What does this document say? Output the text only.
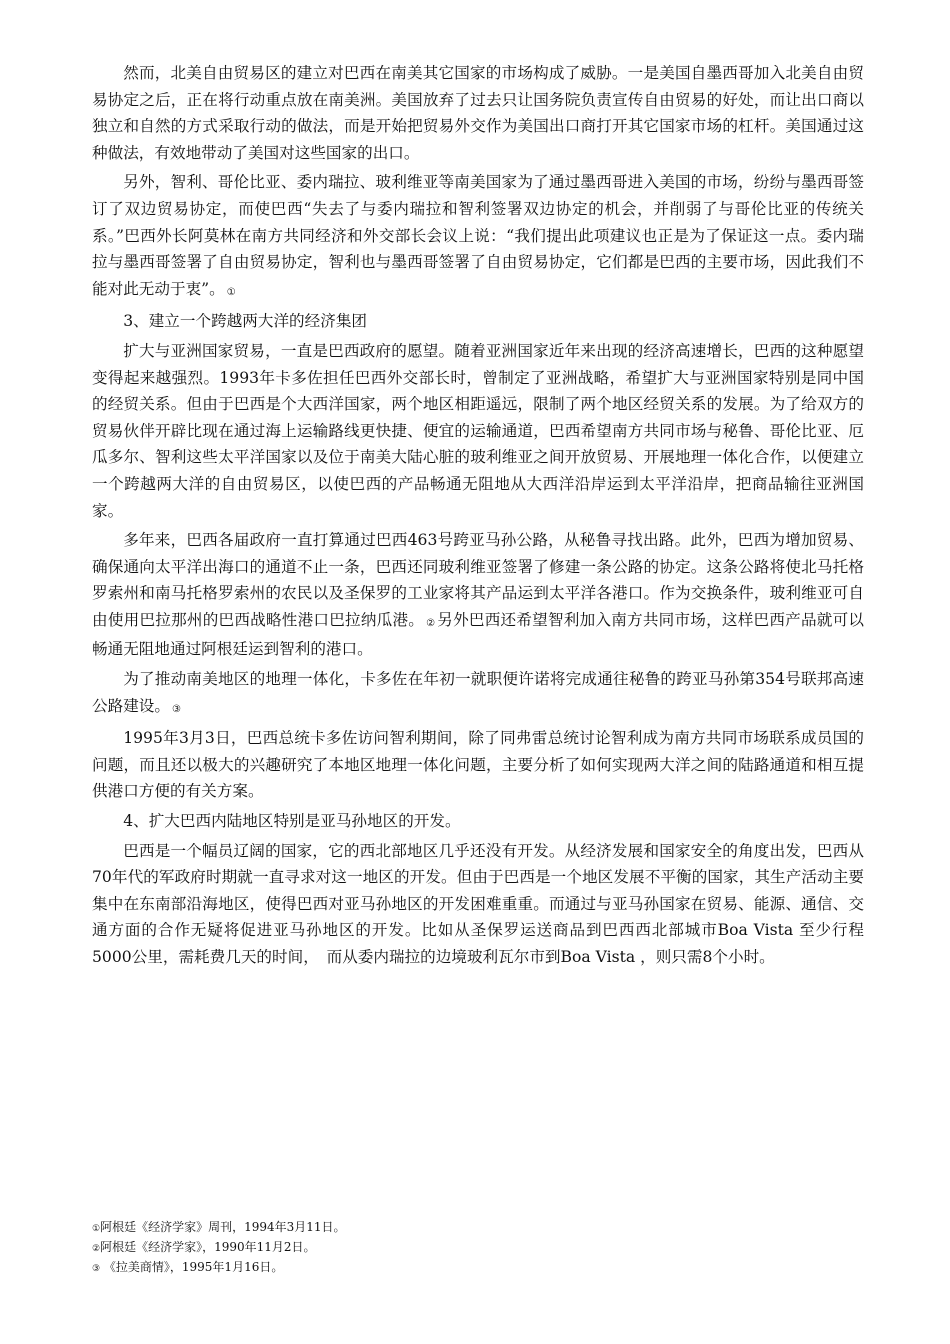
然而，北美自由贸易区的建立对巴西在南美其它国家的市场构成了威胁。一是美国自墨西哥加入北美自由贸易协定之后，正在将行动重点放在南美洲。美国放弃了过去只让国务院负责宣传自由贸易的好处，而让出口商以独立和自然的方式采取行动的做法，而是开始把贸易外交作为美国出口商打开其它国家市场的杠杆。美国通过这种做法，有效地带动了美国对这些国家的出口。

另外，智利、哥伦比亚、委内瑞拉、玻利维亚等南美国家为了通过墨西哥进入美国的市场，纷纷与墨西哥签订了双边贸易协定，而使巴西“失去了与委内瑞拉和智利签署双边协定的机会，并削弱了与哥伦比亚的传统关系。”巴西外长阿莫林在南方共同经济和外交部长会议上说：“我们提出此项建议也正是为了保证这一点。委内瑞拉与墨西哥签署了自由贸易协定，智利也与墨西哥签署了自由贸易协定，它们都是巴西的主要市场，因此我们不能对此无动于衷”。 ①

3、建立一个跨越两大洋的经济集团

扩大与亚洲国家贸易，一直是巴西政府的愿望。随着亚洲国家近年来出现的经济高速增长，巴西的这种愿望变得起来越强烈。1993年卡多佐担任巴西外交部长时，曾制定了亚洲战略，希望扩大与亚洲国家特别是同中国的经贸关系。但由于巴西是个大西洋国家，两个地区相距遥远，限制了两个地区经贸关系的发展。为了给双方的贸易伙伴开辟比现在通过海上运输路线更快捷、便宜的运输通道，巴西希望南方共同市场与秘鲁、哥伦比亚、厄瓜多尔、智利这些太平洋国家以及位于南美大陆心脏的玻利维亚之间开放贸易、开展地理一体化合作，以便建立一个跨越两大洋的自由贸易区，以使巴西的产品畅通无阻地从大西洋沿岸运到太平洋沿岸，把商品输往亚洲国家。

多年来，巴西各届政府一直打算通过巴西463号跨亚马孙公路，从秘鲁寻找出路。此外，巴西为增加贸易、确保通向太平洋出海口的通道不止一条，巴西还同玻利维亚签署了修建一条公路的协定。这条公路将使北马托格罗索州和南马托格罗索州的农民以及圣保罗的工业家将其产品运到太平洋各港口。作为交换条件，玻利维亚可自由使用巴拉那州的巴西战略性港口巴拉纳瓜港。 ② 另外巴西还希望智利加入南方共同市场，这样巴西产品就可以畅通无阻地通过阿根廷运到智利的港口。

为了推动南美地区的地理一体化，卡多佐在年初一就职便许诺将完成通往秘鲁的跨亚马孙第354号联邦高速公路建设。 ③

1995年3月3日，巴西总统卡多佐访问智利期间，除了同弗雷总统讨论智利成为南方共同市场联系成员国的问题，而且还以极大的兴趣研究了本地区地理一体化问题，主要分析了如何实现两大洋之间的陆路通道和相互提供港口方便的有关方案。

4、扩大巴西内陆地区特别是亚马孙地区的开发。

巴西是一个幅员辽阔的国家，它的西北部地区几乎还没有开发。从经济发展和国家安全的角度出发，巴西从70年代的军政府时期就一直寻求对这一地区的开发。但由于巴西是一个地区发展不平衡的国家，其生产活动主要集中在东南部沿海地区，使得巴西对亚马孙地区的开发困难重重。而通过与亚马孙国家在贸易、能源、通信、交通方面的合作无疑将促进亚马孙地区的开发。比如从圣保罗运送商品到巴西西北部城市Boa Vista 至少行程5000公里，需耗费几天的时间，　而从委内瑞拉的边境玻利瓦尔市到Boa Vista ，则只需8个小时。

①阿根廷《经济学家》周刊，1994年3月11日。
②阿根廷《经济学家》，1990年11月2日。
③ 《拉美商情》，1995年1月16日。
